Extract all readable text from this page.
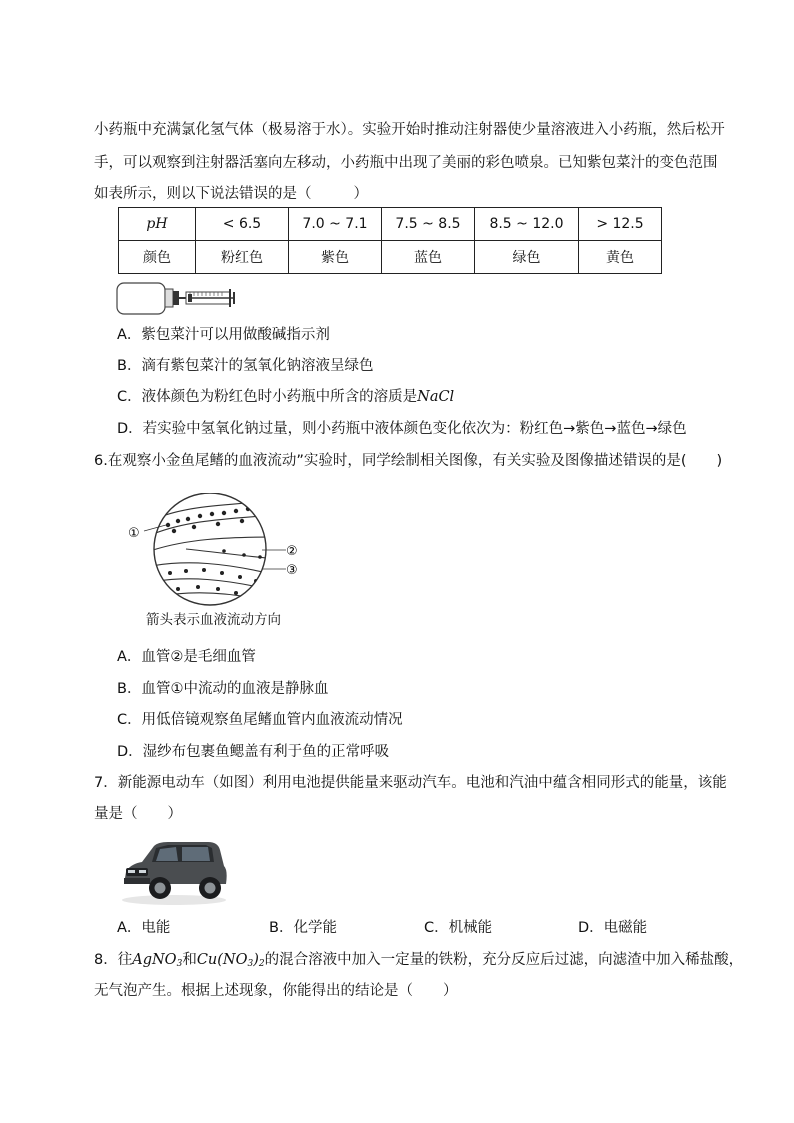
小药瓶中充满氯化氢气体（极易溶于水）。实验开始时推动注射器使少量溶液进入小药瓶，然后松开
手，可以观察到注射器活塞向左移动，小药瓶中出现了美丽的彩色喷泉。已知紫包菜汁的变色范围
如表所示，则以下说法错误的是（	）
pH	< 6.5	7.0 ~ 7.1	7.5 ~ 8.5	8.5 ~ 12.0	> 12.5
颜色	粉红色	紫色	蓝色	绿色	黄色
A．紫包菜汁可以用做酸碱指示剂
B．滴有紫包菜汁的氢氧化钠溶液呈绿色
C．液体颜色为粉红色时小药瓶中所含的溶质是NaCl
D．若实验中氢氧化钠过量，则小药瓶中液体颜色变化依次为：粉红色→紫色→蓝色→绿色
6.在观察小金鱼尾鳍的血液流动”实验时，同学绘制相关图像，有关实验及图像描述错误的是( )
①
②
③
箭头表示血液流动方向
A．血管②是毛细血管
B．血管①中流动的血液是静脉血
C．用低倍镜观察鱼尾鳍血管内血液流动情况
D．湿纱布包裹鱼鳃盖有利于鱼的正常呼吸
7．新能源电动车（如图）利用电池提供能量来驱动汽车。电池和汽油中蕴含相同形式的能量，该能
量是（ ）
A．电能	B．化学能	C．机械能	D．电磁能
8．往AgNO$_3$和$Cu(NO_3)_2$的混合溶液中加入一定量的铁粉，充分反应后过滤，向滤渣中加入稀盐酸，
无气泡产生。根据上述现象，你能得出的结论是（ ）
